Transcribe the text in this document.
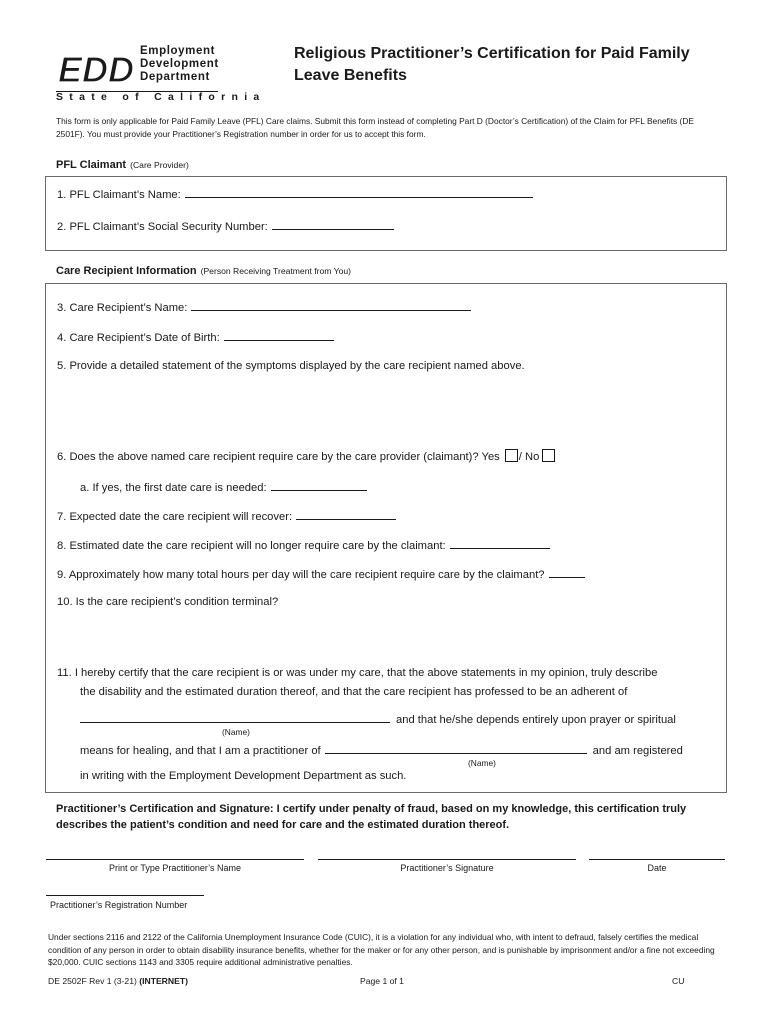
EDD Employment
Development
Department
State of California
Religious Practitioner’s Certification for Paid Family Leave Benefits
This form is only applicable for Paid Family Leave (PFL) Care claims. Submit this form instead of completing Part D (Doctor’s Certification) of the Claim for PFL Benefits (DE 2501F). You must provide your Practitioner’s Registration number in order for us to accept this form.
PFL Claimant (Care Provider)
1. PFL Claimant’s Name:
2. PFL Claimant’s Social Security Number:
Care Recipient Information (Person Receiving Treatment from You)
3. Care Recipient’s Name:
4. Care Recipient’s Date of Birth:
5. Provide a detailed statement of the symptoms displayed by the care recipient named above.
6. Does the above named care recipient require care by the care provider (claimant)? Yes / No
a. If yes, the first date care is needed:
7. Expected date the care recipient will recover:
8. Estimated date the care recipient will no longer require care by the claimant:
9. Approximately how many total hours per day will the care recipient require care by the claimant?
10. Is the care recipient’s condition terminal?
11. I hereby certify that the care recipient is or was under my care, that the above statements in my opinion, truly describe
the disability and the estimated duration thereof, and that the care recipient has professed to be an adherent of
and that he/she depends entirely upon prayer or spiritual
(Name)
means for healing, and that I am a practitioner of	and am registered
(Name)
in writing with the Employment Development Department as such.
Practitioner’s Certification and Signature: I certify under penalty of fraud, based on my knowledge, this certification truly describes the patient’s condition and need for care and the estimated duration thereof.
Print or Type Practitioner’s Name	Practitioner’s Signature	Date
Practitioner’s Registration Number
Under sections 2116 and 2122 of the California Unemployment Insurance Code (CUIC), it is a violation for any individual who, with intent to defraud, falsely certifies the medical condition of any person in order to obtain disability insurance benefits, whether for the maker or for any other person, and is punishable by imprisonment and/or a fine not exceeding $20,000. CUIC sections 1143 and 3305 require additional administrative penalties.
DE 2502F Rev 1 (3-21) (INTERNET)	Page 1 of 1	CU
